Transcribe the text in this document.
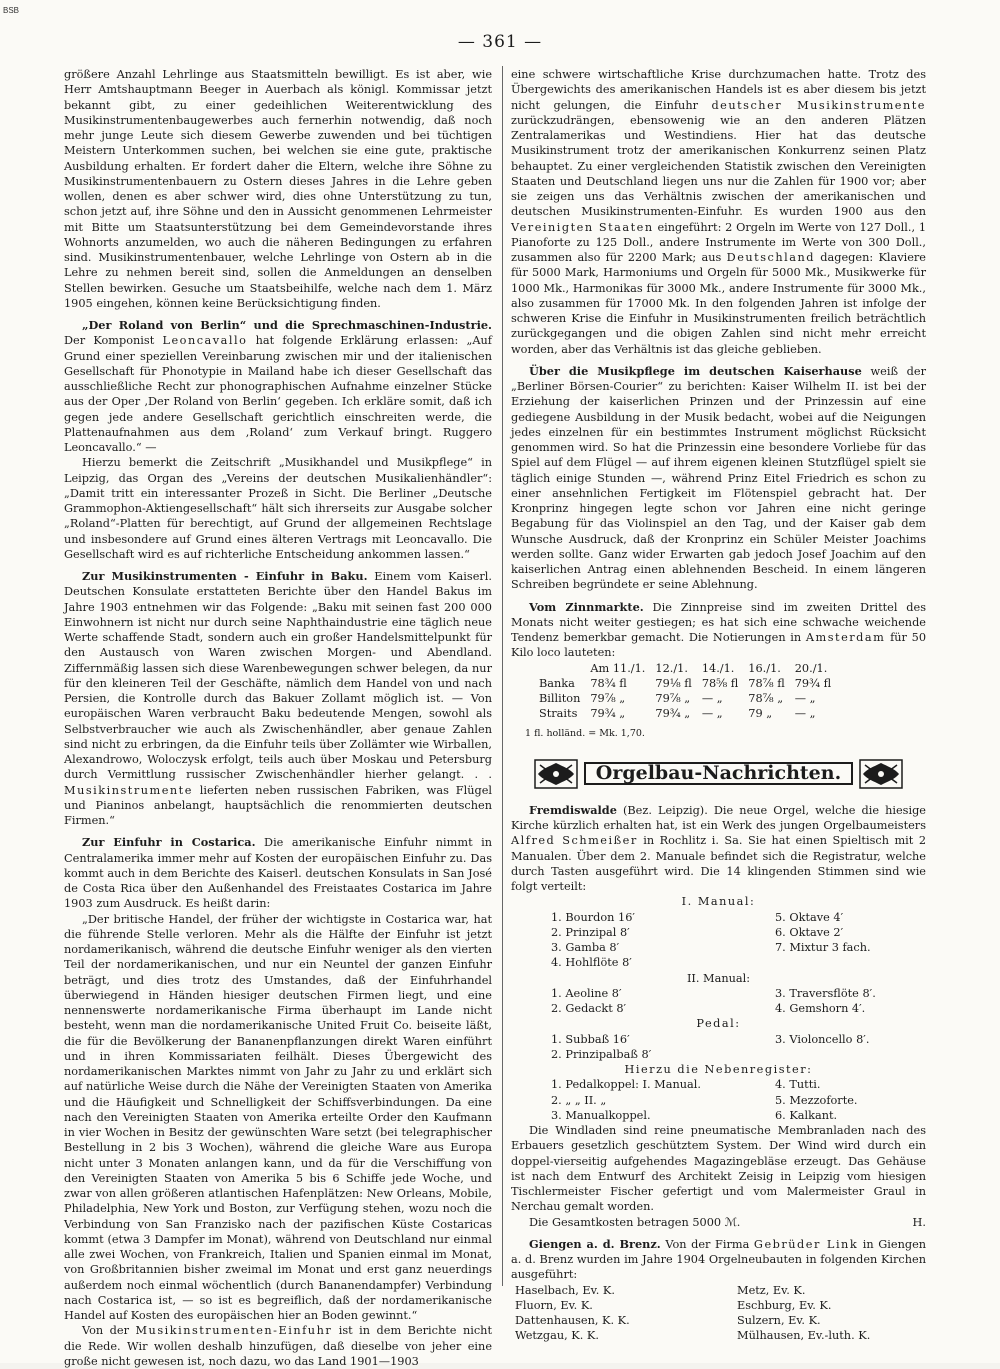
BSB
— 361 —

größere Anzahl Lehrlinge aus Staatsmitteln bewilligt. Es ist aber, wie Herr Amtshauptmann Beeger in Auerbach als königl. Kommissar jetzt bekannt gibt, zu einer gedeihlichen Weiterentwicklung des Musikinstrumentenbaugewerbes auch fernerhin notwendig, daß noch mehr junge Leute sich diesem Gewerbe zuwenden und bei tüchtigen Meistern Unterkommen suchen, bei welchen sie eine gute, praktische Ausbildung erhalten. Er fordert daher die Eltern, welche ihre Söhne zu Musikinstrumentenbauern zu Ostern dieses Jahres in die Lehre geben wollen, denen es aber schwer wird, dies ohne Unterstützung zu tun, schon jetzt auf, ihre Söhne und den in Aussicht genommenen Lehrmeister mit Bitte um Staatsunterstützung bei dem Gemeindevorstande ihres Wohnorts anzumelden, wo auch die näheren Bedingungen zu erfahren sind. Musikinstrumentenbauer, welche Lehrlinge von Ostern ab in die Lehre zu nehmen bereit sind, sollen die Anmeldungen an denselben Stellen bewirken. Gesuche um Staatsbeihilfe, welche nach dem 1. März 1905 eingehen, können keine Berücksichtigung finden.

„Der Roland von Berlin“ und die Sprechmaschinen-Industrie. Der Komponist Leoncavallo hat folgende Erklärung erlassen: „Auf Grund einer speziellen Vereinbarung zwischen mir und der italienischen Gesellschaft für Phonotypie in Mailand habe ich dieser Gesellschaft das ausschließliche Recht zur phonographischen Aufnahme einzelner Stücke aus der Oper ‚Der Roland von Berlin‘ gegeben. Ich erkläre somit, daß ich gegen jede andere Gesellschaft gerichtlich einschreiten werde, die Plattenaufnahmen aus dem ‚Roland‘ zum Verkauf bringt. Ruggero Leoncavallo.“ —

Hierzu bemerkt die Zeitschrift „Musikhandel und Musikpflege“ in Leipzig, das Organ des „Vereins der deutschen Musikalienhändler“: „Damit tritt ein interessanter Prozeß in Sicht. Die Berliner „Deutsche Grammophon-Aktiengesellschaft“ hält sich ihrerseits zur Ausgabe solcher „Roland“-Platten für berechtigt, auf Grund der allgemeinen Rechtslage und insbesondere auf Grund eines älteren Vertrags mit Leoncavallo. Die Gesellschaft wird es auf richterliche Entscheidung ankommen lassen.“

Zur Musikinstrumenten - Einfuhr in Baku. Einem vom Kaiserl. Deutschen Konsulate erstatteten Berichte über den Handel Bakus im Jahre 1903 entnehmen wir das Folgende: „Baku mit seinen fast 200 000 Einwohnern ist nicht nur durch seine Naphthaindustrie eine täglich neue Werte schaffende Stadt, sondern auch ein großer Handelsmittelpunkt für den Austausch von Waren zwischen Morgen- und Abendland. Ziffernmäßig lassen sich diese Warenbewegungen schwer belegen, da nur für den kleineren Teil der Geschäfte, nämlich dem Handel von und nach Persien, die Kontrolle durch das Bakuer Zollamt möglich ist. — Von europäischen Waren verbraucht Baku bedeutende Mengen, sowohl als Selbstverbraucher wie auch als Zwischenhändler, aber genaue Zahlen sind nicht zu erbringen, da die Einfuhr teils über Zollämter wie Wirballen, Alexandrowo, Woloczysk erfolgt, teils auch über Moskau und Petersburg durch Vermittlung russischer Zwischenhändler hierher gelangt. . . Musikinstrumente lieferten neben russischen Fabriken, was Flügel und Pianinos anbelangt, hauptsächlich die renommierten deutschen Firmen.“

Zur Einfuhr in Costarica. Die amerikanische Einfuhr nimmt in Centralamerika immer mehr auf Kosten der europäischen Einfuhr zu. Das kommt auch in dem Berichte des Kaiserl. deutschen Konsulats in San José de Costa Rica über den Außenhandel des Freistaates Costarica im Jahre 1903 zum Ausdruck. Es heißt darin:

„Der britische Handel, der früher der wichtigste in Costarica war, hat die führende Stelle verloren. Mehr als die Hälfte der Einfuhr ist jetzt nordamerikanisch, während die deutsche Einfuhr weniger als den vierten Teil der nordamerikanischen, und nur ein Neuntel der ganzen Einfuhr beträgt, und dies trotz des Umstandes, daß der Einfuhrhandel überwiegend in Händen hiesiger deutschen Firmen liegt, und eine nennenswerte nordamerikanische Firma überhaupt im Lande nicht besteht, wenn man die nordamerikanische United Fruit Co. beiseite läßt, die für die Bevölkerung der Bananenpflanzungen direkt Waren einführt und in ihren Kommissariaten feilhält. Dieses Übergewicht des nordamerikanischen Marktes nimmt von Jahr zu Jahr zu und erklärt sich auf natürliche Weise durch die Nähe der Vereinigten Staaten von Amerika und die Häufigkeit und Schnelligkeit der Schiffsverbindungen. Da eine nach den Vereinigten Staaten von Amerika erteilte Order den Kaufmann in vier Wochen in Besitz der gewünschten Ware setzt (bei telegraphischer Bestellung in 2 bis 3 Wochen), während die gleiche Ware aus Europa nicht unter 3 Monaten anlangen kann, und da für die Verschiffung von den Vereinigten Staaten von Amerika 5 bis 6 Schiffe jede Woche, und zwar von allen größeren atlantischen Hafenplätzen: New Orleans, Mobile, Philadelphia, New York und Boston, zur Verfügung stehen, wozu noch die Verbindung von San Franzisko nach der pazifischen Küste Costaricas kommt (etwa 3 Dampfer im Monat), während von Deutschland nur einmal alle zwei Wochen, von Frankreich, Italien und Spanien einmal im Monat, von Großbritannien bisher zweimal im Monat und erst ganz neuerdings außerdem noch einmal wöchentlich (durch Bananendampfer) Verbindung nach Costarica ist, — so ist es begreiflich, daß der nordamerikanische Handel auf Kosten des europäischen hier an Boden gewinnt.“

Von der Musikinstrumenten-Einfuhr ist in dem Berichte nicht die Rede. Wir wollen deshalb hinzufügen, daß dieselbe von jeher eine große nicht gewesen ist, noch dazu, wo das Land 1901—1903

eine schwere wirtschaftliche Krise durchzumachen hatte. Trotz des Übergewichts des amerikanischen Handels ist es aber diesem bis jetzt nicht gelungen, die Einfuhr deutscher Musikinstrumente zurückzudrängen, ebensowenig wie an den anderen Plätzen Zentralamerikas und Westindiens. Hier hat das deutsche Musikinstrument trotz der amerikanischen Konkurrenz seinen Platz behauptet. Zu einer vergleichenden Statistik zwischen den Vereinigten Staaten und Deutschland liegen uns nur die Zahlen für 1900 vor; aber sie zeigen uns das Verhältnis zwischen der amerikanischen und deutschen Musikinstrumenten-Einfuhr. Es wurden 1900 aus den Vereinigten Staaten eingeführt: 2 Orgeln im Werte von 127 Doll., 1 Pianoforte zu 125 Doll., andere Instrumente im Werte von 300 Doll., zusammen also für 2200 Mark; aus Deutschland dagegen: Klaviere für 5000 Mark, Harmoniums und Orgeln für 5000 Mk., Musikwerke für 1000 Mk., Harmonikas für 3000 Mk., andere Instrumente für 3000 Mk., also zusammen für 17000 Mk. In den folgenden Jahren ist infolge der schweren Krise die Einfuhr in Musikinstrumenten freilich beträchtlich zurückgegangen und die obigen Zahlen sind nicht mehr erreicht worden, aber das Verhältnis ist das gleiche geblieben.

Über die Musikpflege im deutschen Kaiserhause weiß der „Berliner Börsen-Courier“ zu berichten: Kaiser Wilhelm II. ist bei der Erziehung der kaiserlichen Prinzen und der Prinzessin auf eine gediegene Ausbildung in der Musik bedacht, wobei auf die Neigungen jedes einzelnen für ein bestimmtes Instrument möglichst Rücksicht genommen wird. So hat die Prinzessin eine besondere Vorliebe für das Spiel auf dem Flügel — auf ihrem eigenen kleinen Stutzflügel spielt sie täglich einige Stunden —, während Prinz Eitel Friedrich es schon zu einer ansehnlichen Fertigkeit im Flötenspiel gebracht hat. Der Kronprinz hingegen legte schon vor Jahren eine nicht geringe Begabung für das Violinspiel an den Tag, und der Kaiser gab dem Wunsche Ausdruck, daß der Kronprinz ein Schüler Meister Joachims werden sollte. Ganz wider Erwarten gab jedoch Josef Joachim auf den kaiserlichen Antrag einen ablehnenden Bescheid. In einem längeren Schreiben begründete er seine Ablehnung.

Vom Zinnmarkte. Die Zinnpreise sind im zweiten Drittel des Monats nicht weiter gestiegen; es hat sich eine schwache weichende Tendenz bemerkbar gemacht. Die Notierungen in Amsterdam für 50 Kilo loco lauteten:

	Am 11./1.	12./1.	14./1.	16./1.	20./1.
Banka	78¾ fl	79⅛ fl	78⅝ fl	78⅞ fl	79¾ fl
Billiton	79⅞ „	79⅞ „	— „	78⅞ „	— „
Straits	79¾ „	79¾ „	— „	79 „	— „

1 fl. holländ. = Mk. 1,70.

Orgelbau-Nachrichten.

Fremdiswalde (Bez. Leipzig). Die neue Orgel, welche die hiesige Kirche kürzlich erhalten hat, ist ein Werk des jungen Orgelbaumeisters Alfred Schmeißer in Rochlitz i. Sa. Sie hat einen Spieltisch mit 2 Manualen. Über dem 2. Manuale befindet sich die Registratur, welche durch Tasten ausgeführt wird. Die 14 klingenden Stimmen sind wie folgt verteilt:

I. Manual:
1. Bourdon 16′	5. Oktave 4′
2. Prinzipal 8′	6. Oktave 2′
3. Gamba 8′	7. Mixtur 3 fach.
4. Hohlflöte 8′	
II. Manual:
1. Aeoline 8′	3. Traversflöte 8′.
2. Gedackt 8′	4. Gemshorn 4′.
Pedal:
1. Subbaß 16′	3. Violoncello 8′.
2. Prinzipalbaß 8′	
Hierzu die Nebenregister:
1. Pedalkoppel: I. Manual.	4. Tutti.
2. „ „ II. „	5. Mezzoforte.
3. Manualkoppel.	6. Kalkant.

Die Windladen sind reine pneumatische Membranladen nach des Erbauers gesetzlich geschütztem System. Der Wind wird durch ein doppel-vierseitig aufgehendes Magazingebläse erzeugt. Das Gehäuse ist nach dem Entwurf des Architekt Zeisig in Leipzig vom hiesigen Tischlermeister Fischer gefertigt und vom Malermeister Graul in Nerchau gemalt worden.

Die Gesamtkosten betragen 5000 ℳ.	H.

Giengen a. d. Brenz. Von der Firma Gebrüder Link in Giengen a. d. Brenz wurden im Jahre 1904 Orgelneubauten in folgenden Kirchen ausgeführt:

Haselbach, Ev. K.	Metz, Ev. K.
Fluorn, Ev. K.	Eschburg, Ev. K.
Dattenhausen, K. K.	Sulzern, Ev. K.
Wetzgau, K. K.	Mülhausen, Ev.-luth. K.
